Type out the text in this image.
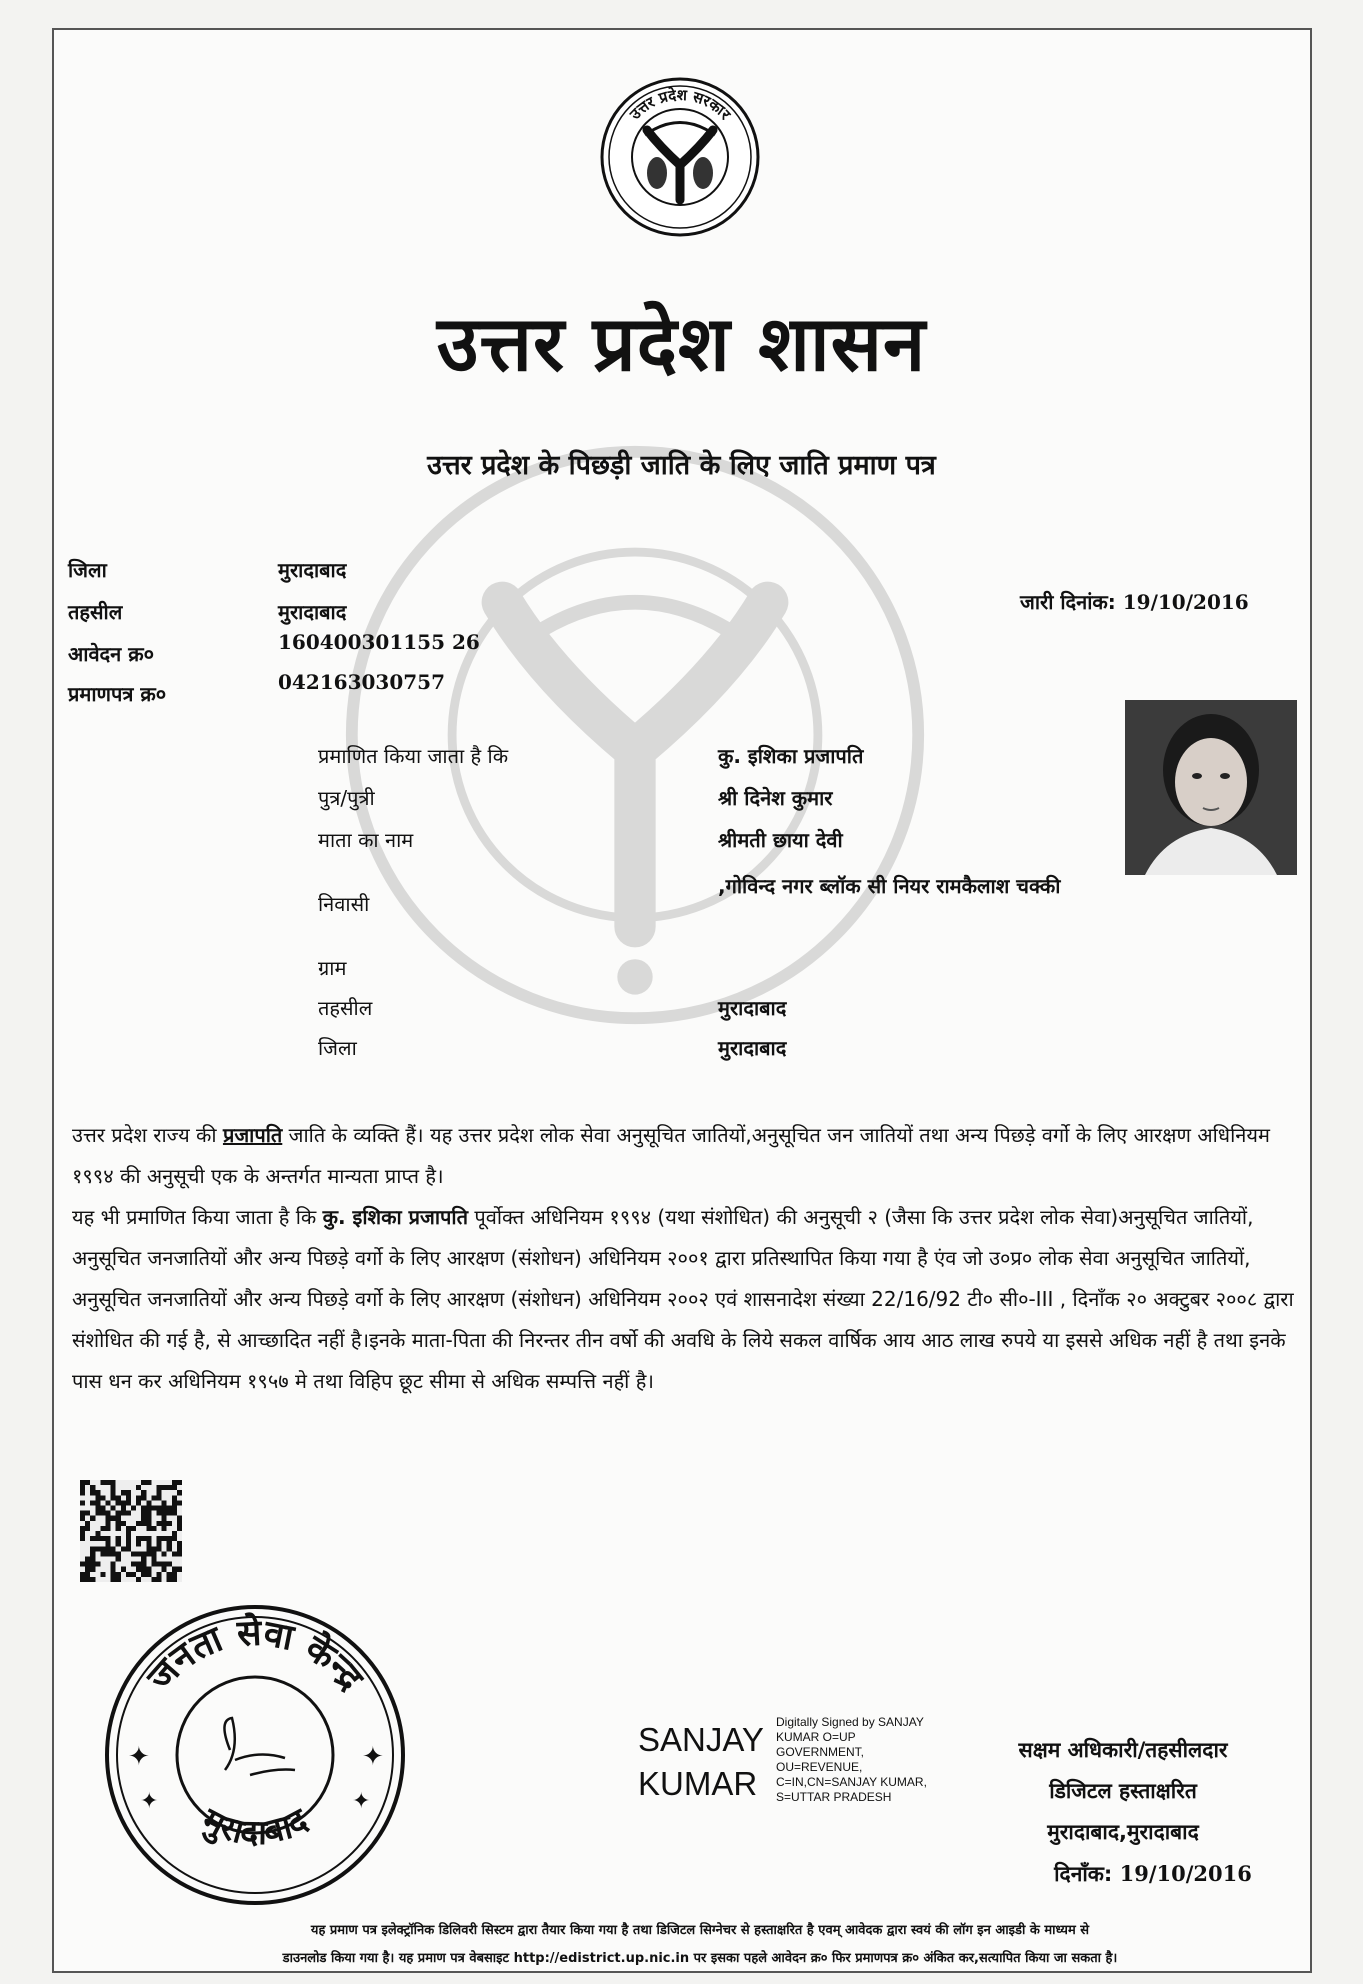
उत्तर प्रदेश सरकार
उत्तर प्रदेश शासन
उत्तर प्रदेश के पिछड़ी जाति के लिए जाति प्रमाण पत्र
जिला	मुरादाबाद
तहसील	मुरादाबाद
आवेदन क्र०	160400301155 26
प्रमाणपत्र क्र०	042163030757
जारी दिनांक: 19/10/2016
प्रमाणित किया जाता है कि	कु. इशिका प्रजापति
पुत्र/पुत्री	श्री दिनेश कुमार
माता का नाम	श्रीमती छाया देवी
निवासी
,गोविन्द नगर ब्लॉक सी नियर रामकैलाश चक्की
ग्राम
तहसील	मुरादाबाद
जिला	मुरादाबाद

उत्तर प्रदेश राज्य की प्रजापति जाति के व्यक्ति हैं। यह उत्तर प्रदेश लोक सेवा अनुसूचित जातियों,अनुसूचित जन जातियों तथा अन्य पिछड़े वर्गो के लिए आरक्षण अधिनियम १९९४ की अनुसूची एक के अन्तर्गत मान्यता प्राप्त है।

यह भी प्रमाणित किया जाता है कि कु. इशिका प्रजापति पूर्वोक्त अधिनियम १९९४ (यथा संशोधित) की अनुसूची २ (जैसा कि उत्तर प्रदेश लोक सेवा)अनुसूचित जातियों, अनुसूचित जनजातियों और अन्य पिछड़े वर्गो के लिए आरक्षण (संशोधन) अधिनियम २००१ द्वारा प्रतिस्थापित किया गया है एंव जो उ०प्र० लोक सेवा अनुसूचित जातियों, अनुसूचित जनजातियों और अन्य पिछड़े वर्गो के लिए आरक्षण (संशोधन) अधिनियम २००२ एवं शासनादेश संख्या 22/16/92 टी० सी०-III , दिनाँक २० अक्टुबर २००८ द्वारा संशोधित की गई है, से आच्छादित नहीं है।इनके माता-पिता की निरन्तर तीन वर्षो की अवधि के लिये सकल वार्षिक आय आठ लाख रुपये या इससे अधिक नहीं है तथा इनके पास धन कर अधिनियम १९५७ मे तथा विहिप छूट सीमा से अधिक सम्पत्ति नहीं है।

जनता सेवा केन्द्र
मुरादाबाद
✦	✦
✦	✦
SANJAY
KUMAR
Digitally Signed by SANJAY
KUMAR O=UP
GOVERNMENT,
OU=REVENUE,
C=IN,CN=SANJAY KUMAR,
S=UTTAR PRADESH
सक्षम अधिकारी/तहसीलदार
डिजिटल हस्ताक्षरित
मुरादाबाद,मुरादाबाद
दिनाँक: 19/10/2016
यह प्रमाण पत्र इलेक्ट्रॉनिक डिलिवरी सिस्टम द्वारा तैयार किया गया है तथा डिजिटल सिग्नेचर से हस्ताक्षरित है एवम् आवेदक द्वारा स्वयं की लॉग इन आइडी के माध्यम से
डाउनलोड किया गया है। यह प्रमाण पत्र वेबसाइट http://edistrict.up.nic.in पर इसका पहले आवेदन क्र० फिर प्रमाणपत्र क्र० अंकित कर,सत्यापित किया जा सकता है।
